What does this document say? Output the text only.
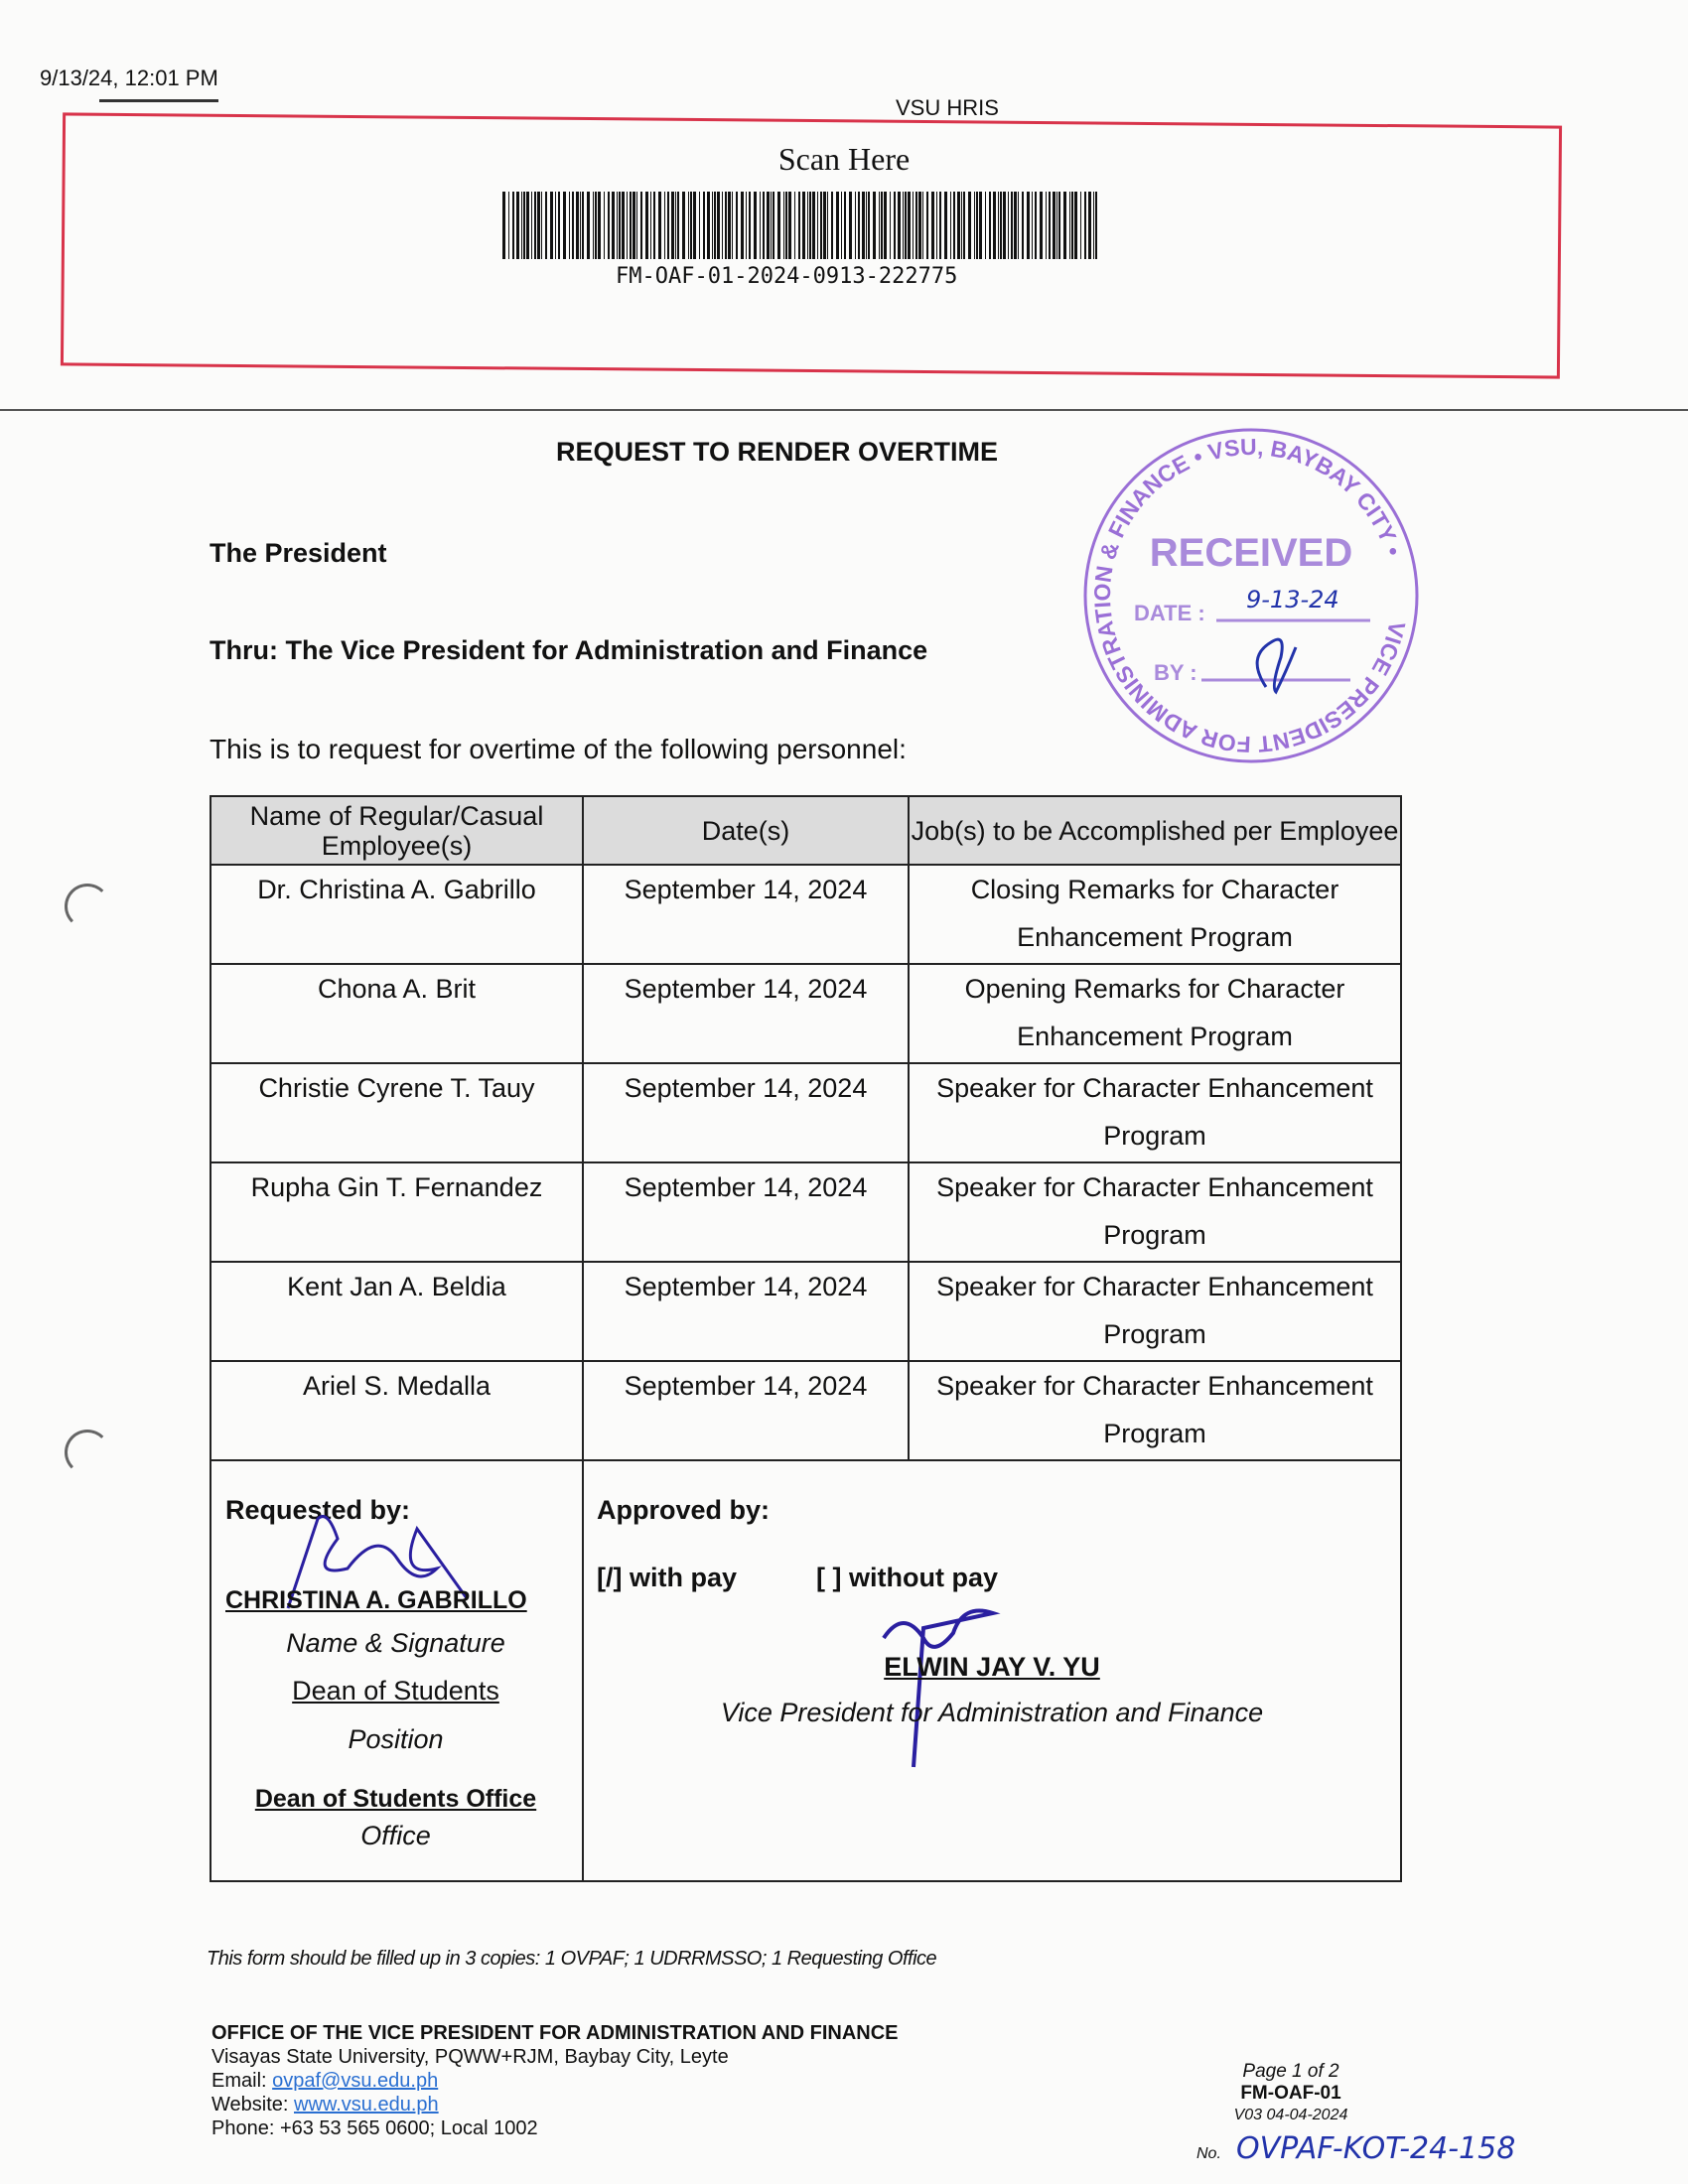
9/13/24, 12:01 PM
VSU HRIS
Scan Here
FM-OAF-01-2024-0913-222775
REQUEST TO RENDER OVERTIME
The President
Thru: The Vice President for Administration and Finance
This is to request for overtime of the following personnel:
VICE PRESIDENT FOR ADMINISTRATION & FINANCE • VSU, BAYBAY CITY •
RECEIVED
DATE : 9-13-24
BY :
Name of Regular/Casual Employee(s)	Date(s)	Job(s) to be Accomplished per Employee
Dr. Christina A. Gabrillo	September 14, 2024	Closing Remarks for Character Enhancement Program
Chona A. Brit	September 14, 2024	Opening Remarks for Character Enhancement Program
Christie Cyrene T. Tauy	September 14, 2024	Speaker for Character Enhancement Program
Rupha Gin T. Fernandez	September 14, 2024	Speaker for Character Enhancement Program
Kent Jan A. Beldia	September 14, 2024	Speaker for Character Enhancement Program
Ariel S. Medalla	September 14, 2024	Speaker for Character Enhancement Program
Requested by:
CHRISTINA A. GABRILLO
Name & Signature
Dean of Students
Position
Dean of Students Office
Office
Approved by:
[/] with pay	[ ] without pay
ELWIN JAY V. YU
Vice President for Administration and Finance
This form should be filled up in 3 copies: 1 OVPAF; 1 UDRRMSSO; 1 Requesting Office
OFFICE OF THE VICE PRESIDENT FOR ADMINISTRATION AND FINANCE
Visayas State University, PQWW+RJM, Baybay City, Leyte
Email: ovpaf@vsu.edu.ph
Website: www.vsu.edu.ph
Phone: +63 53 565 0600; Local 1002
Page 1 of 2
FM-OAF-01
V03 04-04-2024
No. OVPAF-KOT-24-158
